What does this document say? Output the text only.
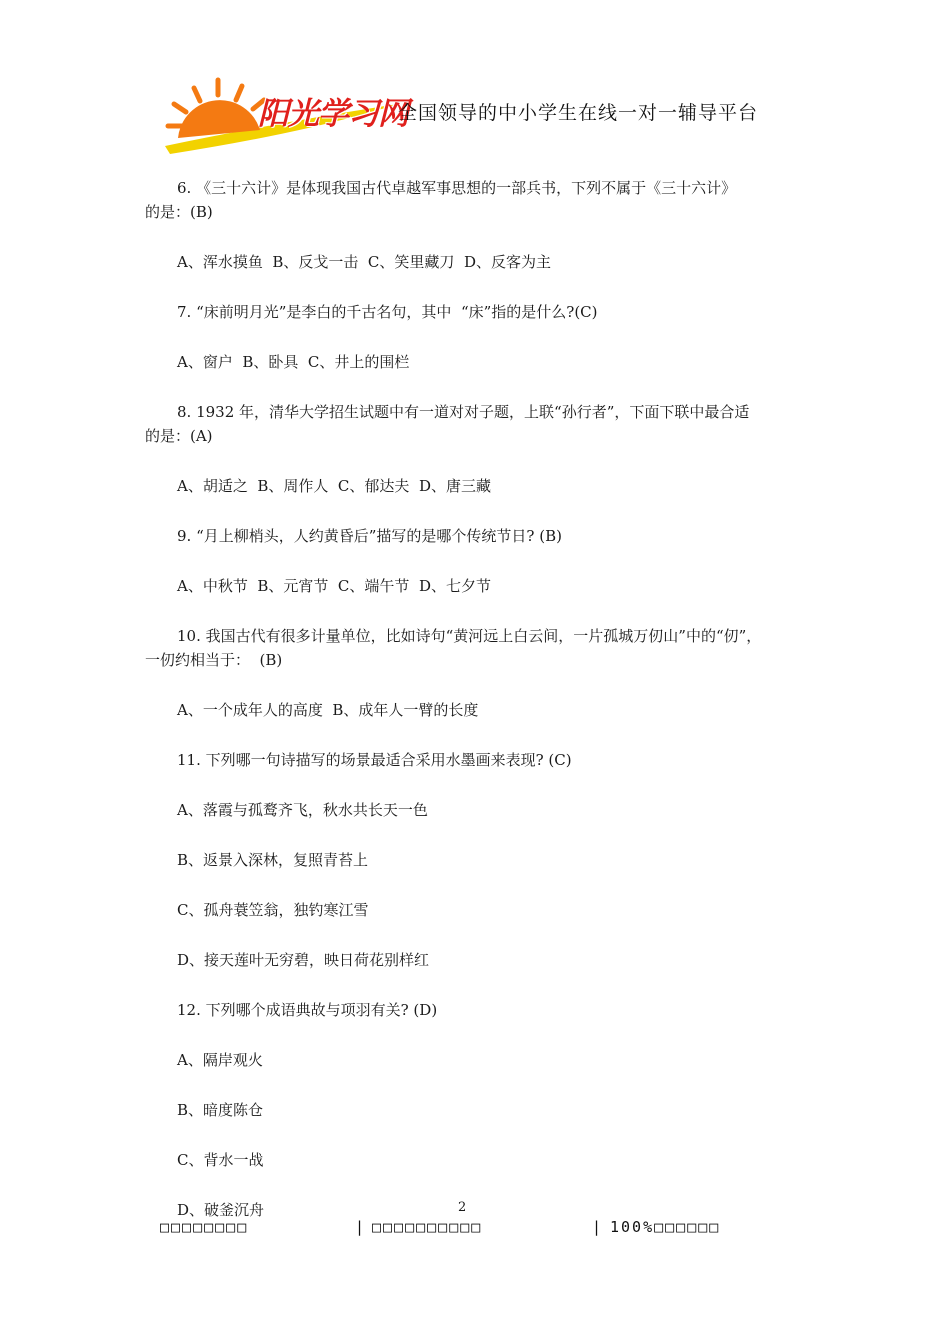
阳光学习网
全国领导的中小学生在线一对一辅导平台
6. 《三十六计》是体现我国古代卓越军事思想的一部兵书，下列不属于《三十六计》
的是：(B)
A、浑水摸鱼  B、反戈一击  C、笑里藏刀  D、反客为主
7. “床前明月光”是李白的千古名句，其中  “床”指的是什么?(C)
A、窗户  B、卧具  C、井上的围栏
8. 1932 年，清华大学招生试题中有一道对对子题，上联“孙行者”，下面下联中最合适
的是：(A)
A、胡适之  B、周作人  C、郁达夫  D、唐三藏
9. “月上柳梢头，人约黄昏后”描写的是哪个传统节日? (B)
A、中秋节  B、元宵节  C、端午节  D、七夕节
10. 我国古代有很多计量单位，比如诗句“黄河远上白云间，一片孤城万仞山”中的“仞”，
一仞约相当于：  (B)
A、一个成年人的高度  B、成年人一臂的长度
11. 下列哪一句诗描写的场景最适合采用水墨画来表现? (C)
A、落霞与孤鹜齐飞，秋水共长天一色
B、返景入深林，复照青苔上
C、孤舟蓑笠翁，独钓寒江雪
D、接天莲叶无穷碧，映日荷花别样红
12. 下列哪个成语典故与项羽有关? (D)
A、隔岸观火
B、暗度陈仓
C、背水一战
D、破釜沉舟	2
□□□□□□□□	| □□□□□□□□□□	| 100%□□□□□□
